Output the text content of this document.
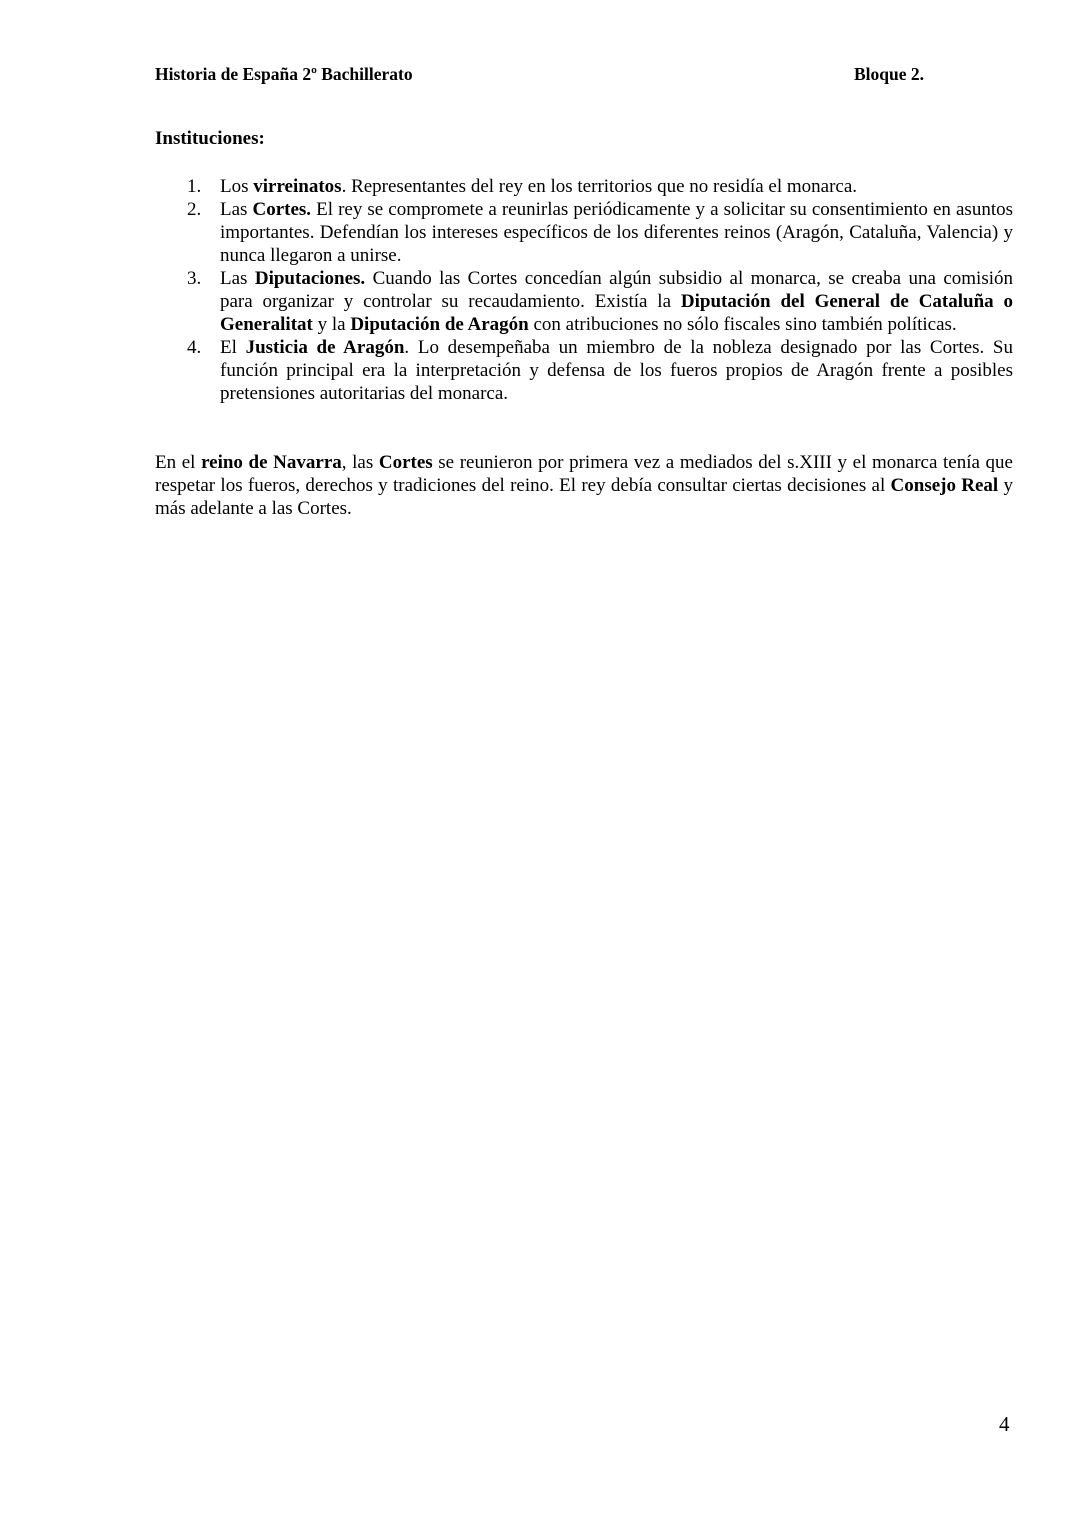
Historia de España 2º Bachillerato	Bloque 2.
Instituciones:
1. Los virreinatos. Representantes del rey en los territorios que no residía el monarca.
2. Las Cortes. El rey se compromete a reunirlas periódicamente y a solicitar su consentimiento en asuntos importantes. Defendían los intereses específicos de los diferentes reinos (Aragón, Cataluña, Valencia) y nunca llegaron a unirse.
3. Las Diputaciones. Cuando las Cortes concedían algún subsidio al monarca, se creaba una comisión para organizar y controlar su recaudamiento. Existía la Diputación del General de Cataluña o Generalitat y la Diputación de Aragón con atribuciones no sólo fiscales sino también políticas.
4. El Justicia de Aragón. Lo desempeñaba un miembro de la nobleza designado por las Cortes. Su función principal era la interpretación y defensa de los fueros propios de Aragón frente a posibles pretensiones autoritarias del monarca.

En el reino de Navarra, las Cortes se reunieron por primera vez a mediados del s.XIII y el monarca tenía que respetar los fueros, derechos y tradiciones del reino. El rey debía consultar ciertas decisiones al Consejo Real y más adelante a las Cortes.

4
